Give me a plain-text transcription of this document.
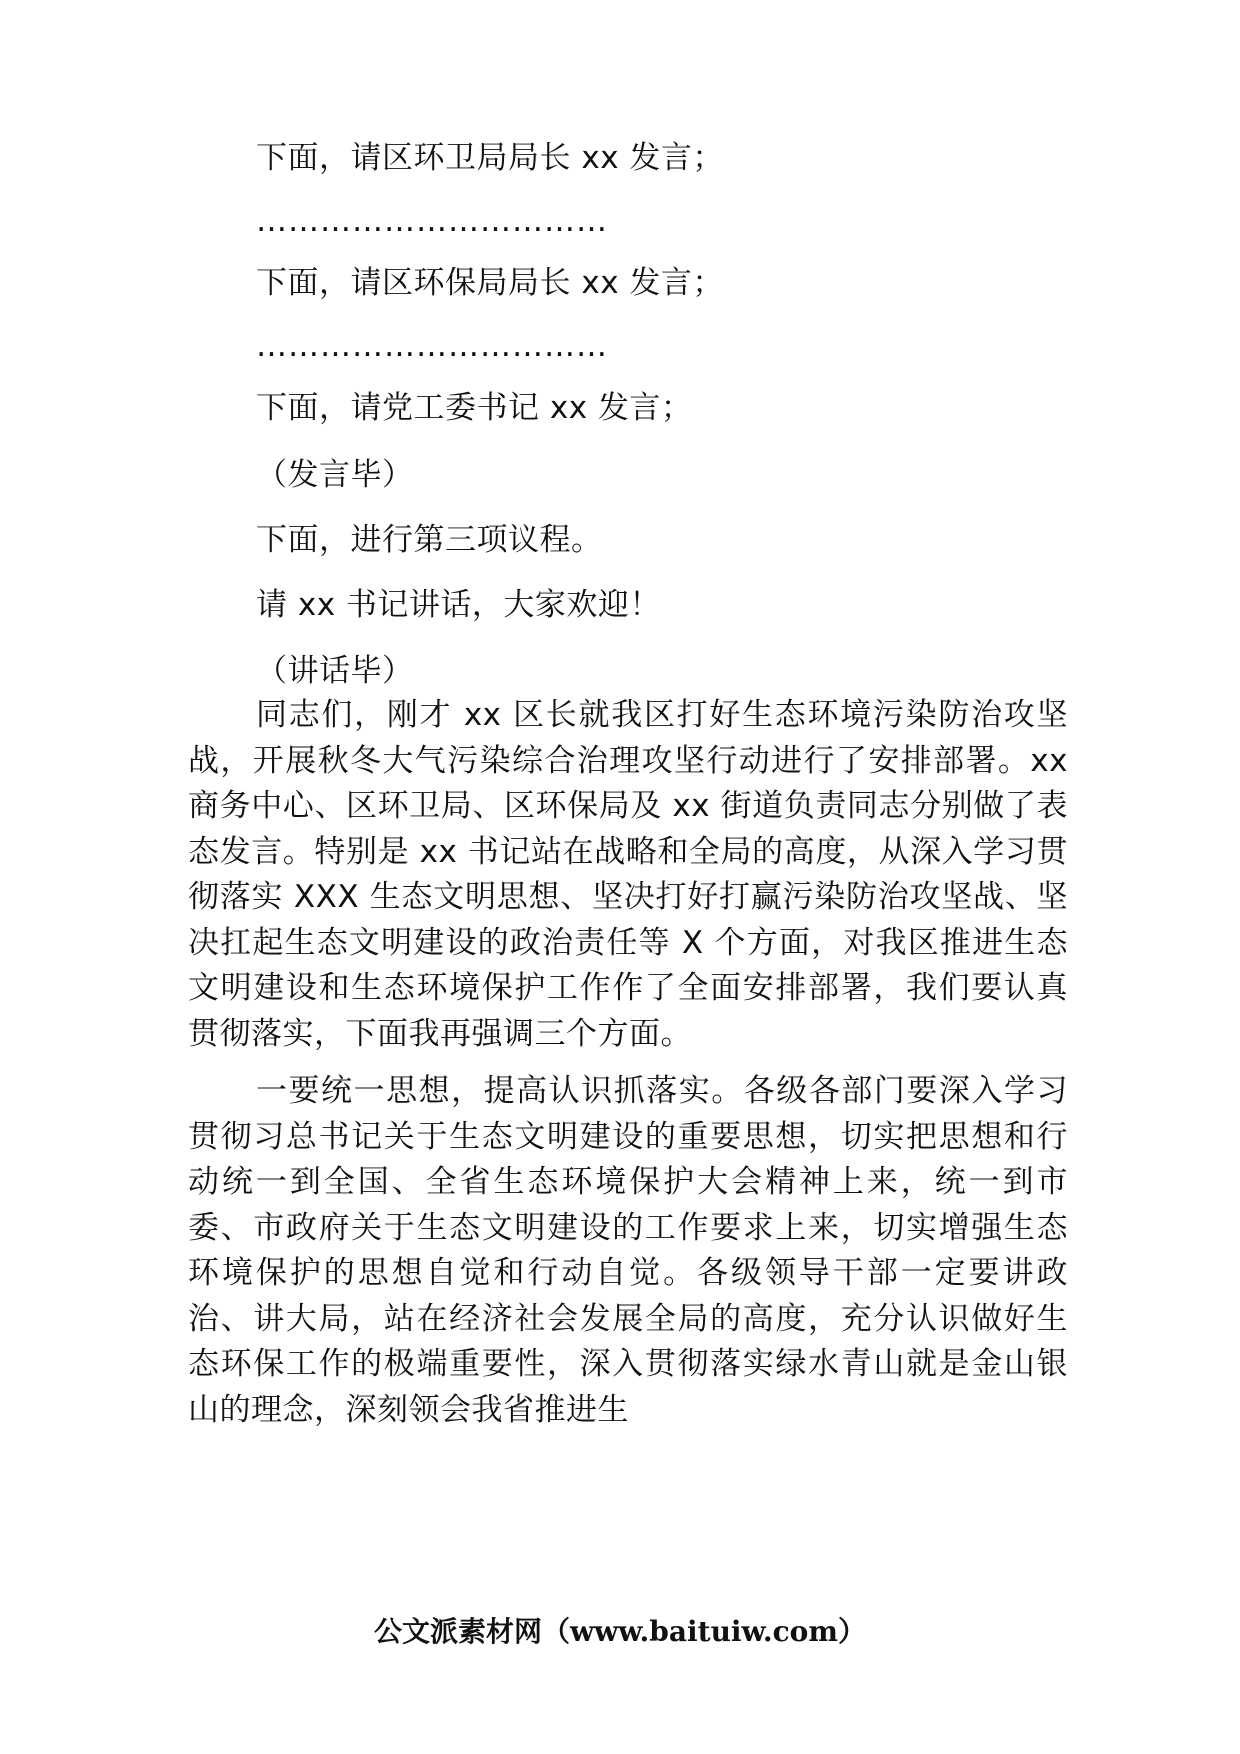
下面，请区环卫局局长 xx 发言；
……………………………
下面，请区环保局局长 xx 发言；
……………………………
下面，请党工委书记 xx 发言；
（发言毕）
下面，进行第三项议程。
请 xx 书记讲话，大家欢迎！
（讲话毕）

同志们，刚才 xx 区长就我区打好生态环境污染防治攻坚战，开展秋冬大气污染综合治理攻坚行动进行了安排部署。xx 商务中心、区环卫局、区环保局及 xx 街道负责同志分别做了表态发言。特别是 xx 书记站在战略和全局的高度，从深入学习贯彻落实 XXX 生态文明思想、坚决打好打赢污染防治攻坚战、坚决扛起生态文明建设的政治责任等 X 个方面，对我区推进生态文明建设和生态环境保护工作作了全面安排部署，我们要认真贯彻落实，下面我再强调三个方面。

一要统一思想，提高认识抓落实。各级各部门要深入学习贯彻习总书记关于生态文明建设的重要思想，切实把思想和行动统一到全国、全省生态环境保护大会精神上来，统一到市委、市政府关于生态文明建设的工作要求上来，切实增强生态环境保护的思想自觉和行动自觉。各级领导干部一定要讲政治、讲大局，站在经济社会发展全局的高度，充分认识做好生态环保工作的极端重要性，深入贯彻落实绿水青山就是金山银山的理念，深刻领会我省推进生

公文派素材网（www.baituiw.com）
